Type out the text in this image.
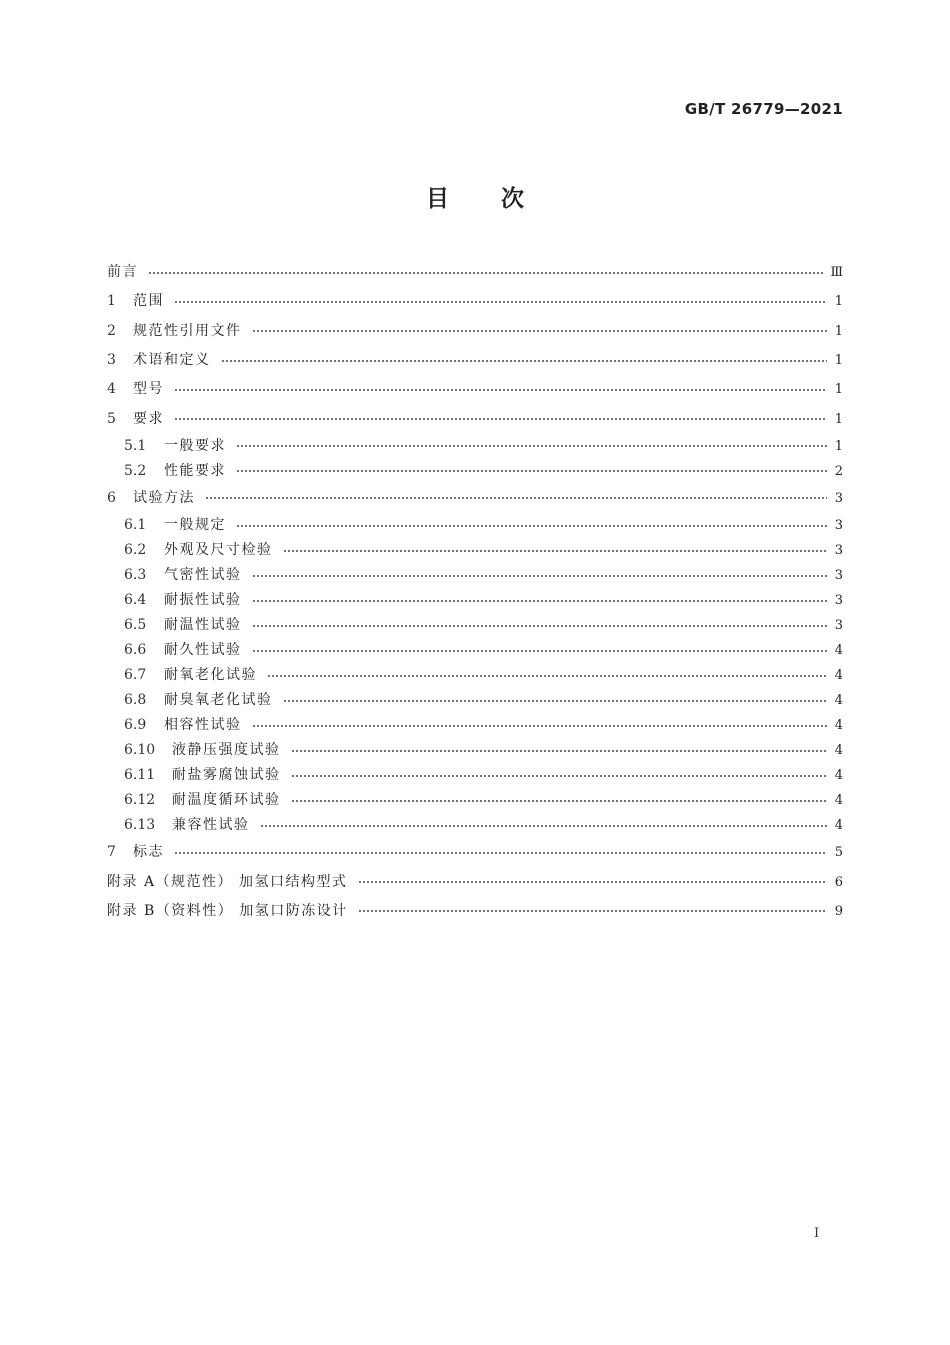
GB/T 26779—2021
目 次
前言	Ⅲ
1	范围	1
2	规范性引用文件	1
3	术语和定义	1
4	型号	1
5	要求	1
5.1	一般要求	1
5.2	性能要求	2
6	试验方法	3
6.1	一般规定	3
6.2	外观及尺寸检验	3
6.3	气密性试验	3
6.4	耐振性试验	3
6.5	耐温性试验	3
6.6	耐久性试验	4
6.7	耐氧老化试验	4
6.8	耐臭氧老化试验	4
6.9	相容性试验	4
6.10	液静压强度试验	4
6.11	耐盐雾腐蚀试验	4
6.12	耐温度循环试验	4
6.13	兼容性试验	4
7	标志	5
附录 A（规范性） 加氢口结构型式	6
附录 B（资料性） 加氢口防冻设计	9
I
